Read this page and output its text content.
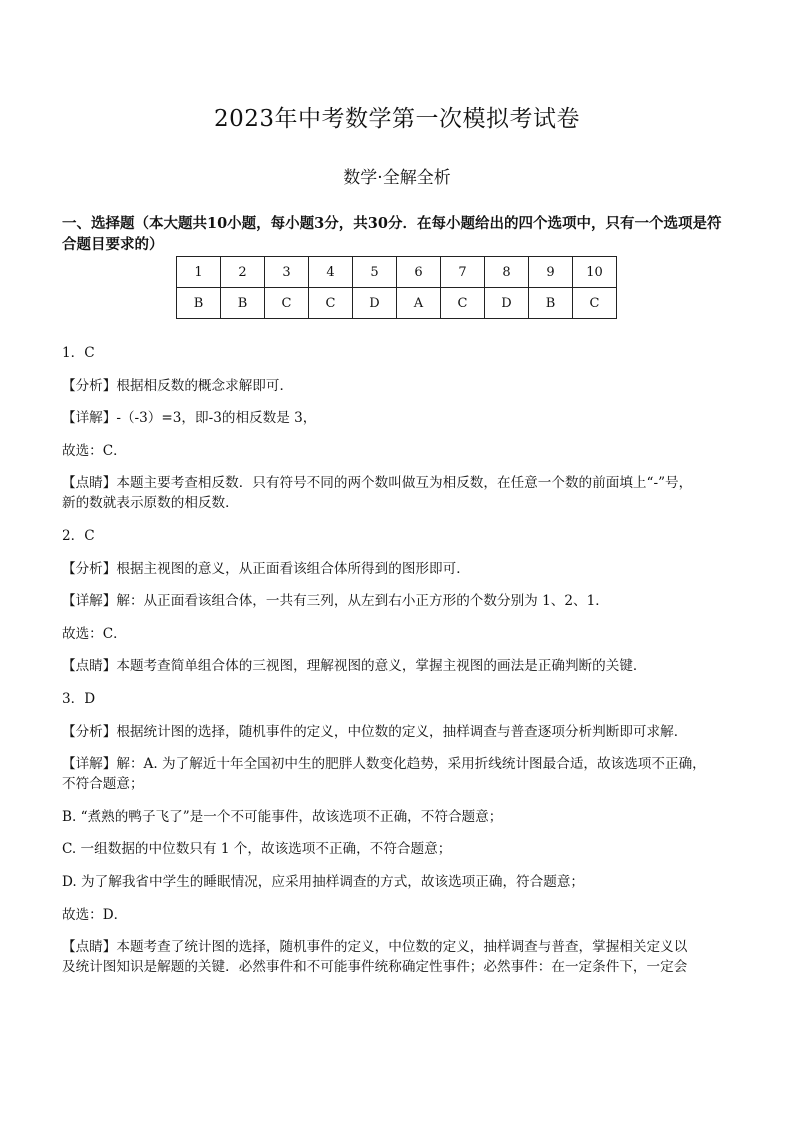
2023年中考数学第一次模拟考试卷
数学·全解全析
一、选择题（本大题共10小题，每小题3分，共30分．在每小题给出的四个选项中，只有一个选项是符合题目要求的）
1	2	3	4	5	6	7	8	9	10
B	B	C	C	D	A	C	D	B	C
1．C
【分析】根据相反数的概念求解即可．
【详解】-（-3）=3，即-3的相反数是 3，
故选：C．
【点睛】本题主要考查相反数．只有符号不同的两个数叫做互为相反数，在任意一个数的前面填上“-”号，
新的数就表示原数的相反数．
2．C
【分析】根据主视图的意义，从正面看该组合体所得到的图形即可．
【详解】解：从正面看该组合体，一共有三列，从左到右小正方形的个数分别为 1、2、1．
故选：C．
【点睛】本题考查简单组合体的三视图，理解视图的意义，掌握主视图的画法是正确判断的关键．
3．D
【分析】根据统计图的选择，随机事件的定义，中位数的定义，抽样调查与普查逐项分析判断即可求解．
【详解】解：A. 为了解近十年全国初中生的肥胖人数变化趋势，采用折线统计图最合适，故该选项不正确，
不符合题意；
B. “煮熟的鸭子飞了”是一个不可能事件，故该选项不正确，不符合题意；
C. 一组数据的中位数只有 1 个，故该选项不正确，不符合题意；
D. 为了解我省中学生的睡眠情况，应采用抽样调查的方式，故该选项正确，符合题意；
故选：D．
【点睛】本题考查了统计图的选择，随机事件的定义，中位数的定义，抽样调查与普查，掌握相关定义以
及统计图知识是解题的关键．必然事件和不可能事件统称确定性事件；必然事件：在一定条件下，一定会
